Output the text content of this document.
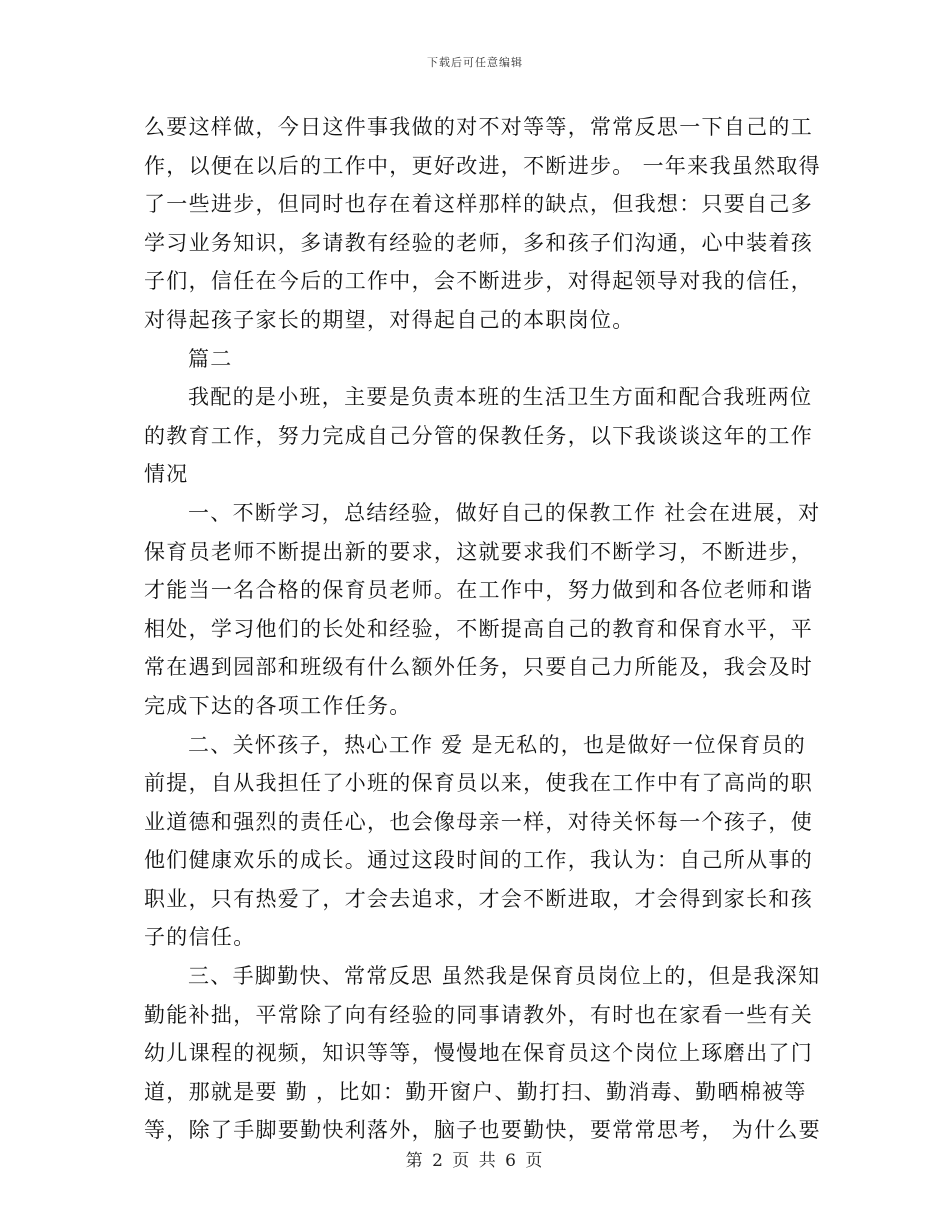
下载后可任意编辑
么要这样做，今日这件事我做的对不对等等，常常反思一下自己的工
作，以便在以后的工作中，更好改进，不断进步。 一年来我虽然取得
了一些进步，但同时也存在着这样那样的缺点，但我想：只要自己多
学习业务知识，多请教有经验的老师，多和孩子们沟通，心中装着孩
子们，信任在今后的工作中，会不断进步，对得起领导对我的信任，
对得起孩子家长的期望，对得起自己的本职岗位。
篇二
我配的是小班，主要是负责本班的生活卫生方面和配合我班两位
的教育工作，努力完成自己分管的保教任务，以下我谈谈这年的工作
情况
一、不断学习，总结经验，做好自己的保教工作 社会在进展，对
保育员老师不断提出新的要求，这就要求我们不断学习，不断进步，
才能当一名合格的保育员老师。在工作中，努力做到和各位老师和谐
相处，学习他们的长处和经验，不断提高自己的教育和保育水平，平
常在遇到园部和班级有什么额外任务，只要自己力所能及，我会及时
完成下达的各项工作任务。
二、关怀孩子，热心工作 爱 是无私的，也是做好一位保育员的
前提，自从我担任了小班的保育员以来，使我在工作中有了高尚的职
业道德和强烈的责任心，也会像母亲一样，对待关怀每一个孩子，使
他们健康欢乐的成长。通过这段时间的工作，我认为：自己所从事的
职业，只有热爱了，才会去追求，才会不断进取，才会得到家长和孩
子的信任。
三、手脚勤快、常常反思 虽然我是保育员岗位上的，但是我深知
勤能补拙，平常除了向有经验的同事请教外，有时也在家看一些有关
幼儿课程的视频，知识等等，慢慢地在保育员这个岗位上琢磨出了门
道，那就是要 勤 ，比如：勤开窗户、勤打扫、勤消毒、勤晒棉被等
等，除了手脚要勤快利落外，脑子也要勤快，要常常思考， 为什么要
第 2 页 共 6 页
